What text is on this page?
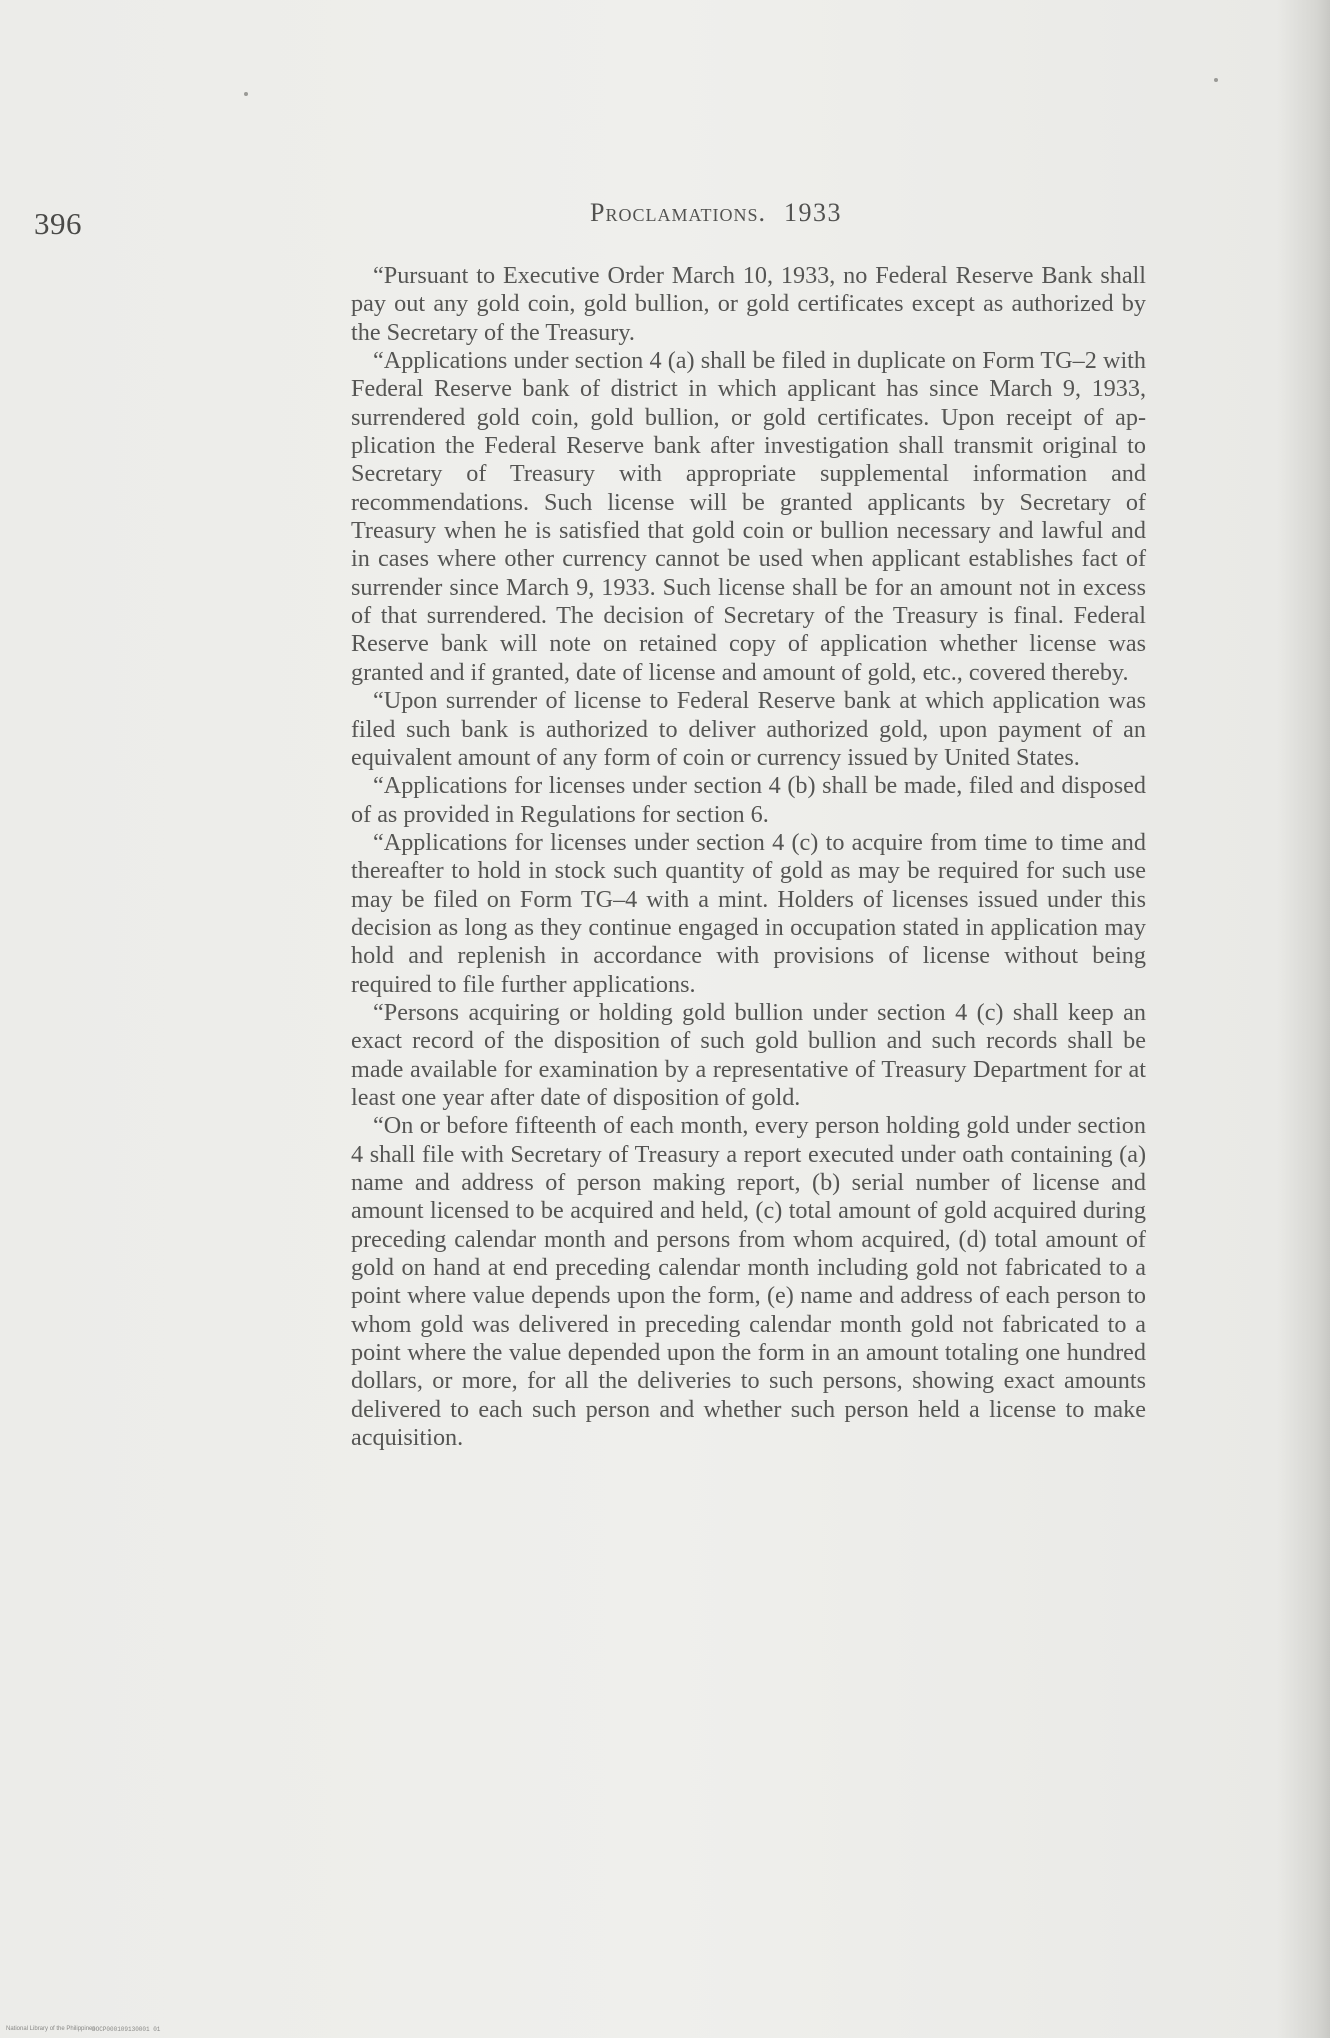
396	Proclamations. 1933

“Pursuant to Executive Order March 10, 1933, no Federal Reserve Bank shall pay out any gold coin, gold bullion, or gold certificates except as authorized by the Secretary of the Treasury.

“Applications under section 4 (a) shall be filed in duplicate on Form TG–2 with Federal Reserve bank of district in which applicant has since March 9, 1933, surrendered gold coin, gold bullion, or gold certificates. Upon receipt of application the Federal Reserve bank after investigation shall transmit original to Secretary of Treasury with appropriate supplemental information and recommendations. Such license will be granted applicants by Secretary of Treasury when he is satisfied that gold coin or bullion necessary and lawful and in cases where other currency cannot be used when applicant establishes fact of surrender since March 9, 1933. Such license shall be for an amount not in excess of that surrendered. The decision of Secretary of the Treasury is final. Federal Reserve bank will note on retained copy of application whether license was granted and if granted, date of license and amount of gold, etc., covered thereby.

“Upon surrender of license to Federal Reserve bank at which application was filed such bank is authorized to deliver authorized gold, upon payment of an equivalent amount of any form of coin or currency issued by United States.

“Applications for licenses under section 4 (b) shall be made, filed and disposed of as provided in Regulations for section 6.

“Applications for licenses under section 4 (c) to acquire from time to time and thereafter to hold in stock such quantity of gold as may be required for such use may be filed on Form TG–4 with a mint. Holders of licenses issued under this decision as long as they continue engaged in occupation stated in application may hold and replenish in accordance with provisions of license without being required to file further applications.

“Persons acquiring or holding gold bullion under section 4 (c) shall keep an exact record of the disposition of such gold bullion and such records shall be made available for examination by a representative of Treasury Department for at least one year after date of disposition of gold.

“On or before fifteenth of each month, every person holding gold under section 4 shall file with Secretary of Treasury a report executed under oath containing (a) name and address of person making report, (b) serial number of license and amount licensed to be acquired and held, (c) total amount of gold acquired during preceding calendar month and persons from whom acquired, (d) total amount of gold on hand at end preceding calendar month including gold not fabricated to a point where value depends upon the form, (e) name and address of each person to whom gold was delivered in preceding calendar month gold not fabricated to a point where the value depended upon the form in an amount totaling one hundred dollars, or more, for all the deliveries to such persons, showing exact amounts delivered to each such person and whether such person held a license to make acquisition.

National Library of the Philippines
DOCP000109130001 01
